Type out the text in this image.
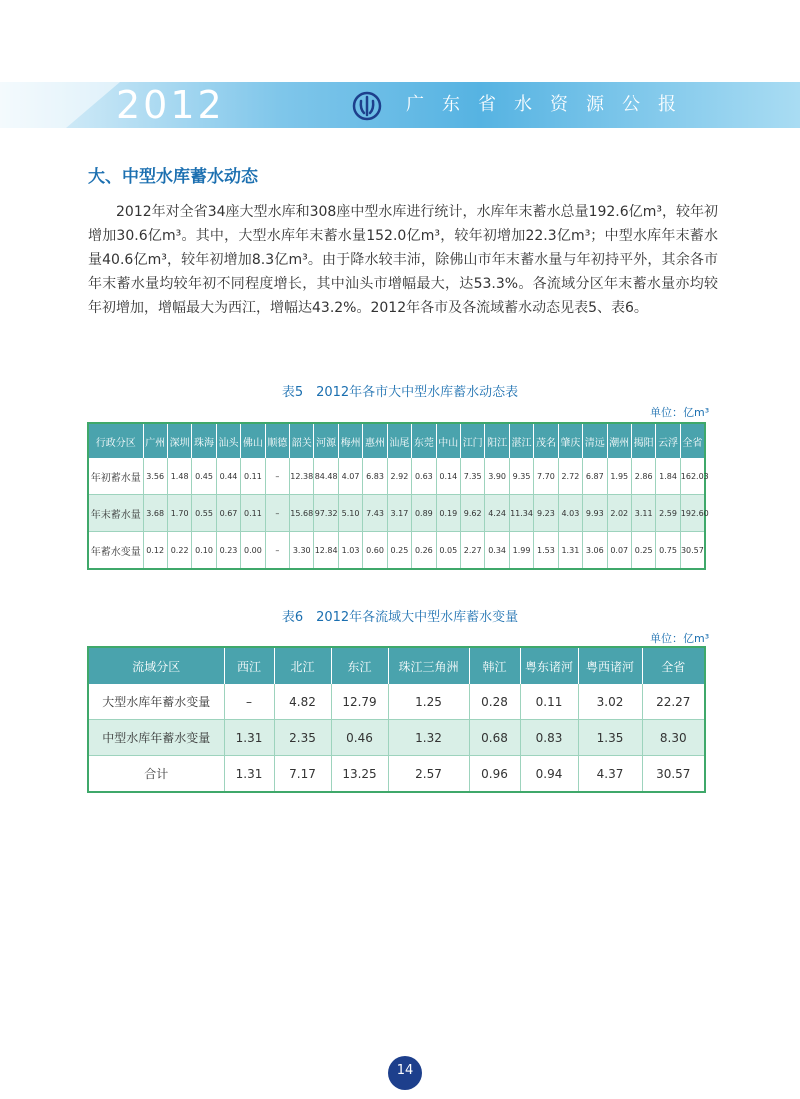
2012	广东省水资源公报
大、中型水库蓄水动态

2012年对全省34座大型水库和308座中型水库进行统计，水库年末蓄水总量192.6亿m³，较年初增加30.6亿m³。其中，大型水库年末蓄水量152.0亿m³，较年初增加22.3亿m³；中型水库年末蓄水量40.6亿m³，较年初增加8.3亿m³。由于降水较丰沛，除佛山市年末蓄水量与年初持平外，其余各市年末蓄水量均较年初不同程度增长，其中汕头市增幅最大，达53.3%。各流域分区年末蓄水量亦均较年初增加，增幅最大为西江，增幅达43.2%。2012年各市及各流域蓄水动态见表5、表6。

表5　2012年各市大中型水库蓄水动态表
单位：亿m³
行政分区	广州	深圳	珠海	汕头	佛山	顺德	韶关	河源	梅州	惠州	汕尾	东莞	中山	江门	阳江	湛江	茂名	肇庆	清远	潮州	揭阳	云浮	全省
年初蓄水量	3.56	1.48	0.45	0.44	0.11	–	12.38	84.48	4.07	6.83	2.92	0.63	0.14	7.35	3.90	9.35	7.70	2.72	6.87	1.95	2.86	1.84	162.03
年末蓄水量	3.68	1.70	0.55	0.67	0.11	–	15.68	97.32	5.10	7.43	3.17	0.89	0.19	9.62	4.24	11.34	9.23	4.03	9.93	2.02	3.11	2.59	192.60
年蓄水变量	0.12	0.22	0.10	0.23	0.00	–	3.30	12.84	1.03	0.60	0.25	0.26	0.05	2.27	0.34	1.99	1.53	1.31	3.06	0.07	0.25	0.75	30.57
表6　2012年各流域大中型水库蓄水变量
单位：亿m³
流域分区	西江	北江	东江	珠江三角洲	韩江	粤东诸河	粤西诸河	全省
大型水库年蓄水变量	–	4.82	12.79	1.25	0.28	0.11	3.02	22.27
中型水库年蓄水变量	1.31	2.35	0.46	1.32	0.68	0.83	1.35	8.30
合计	1.31	7.17	13.25	2.57	0.96	0.94	4.37	30.57
14
